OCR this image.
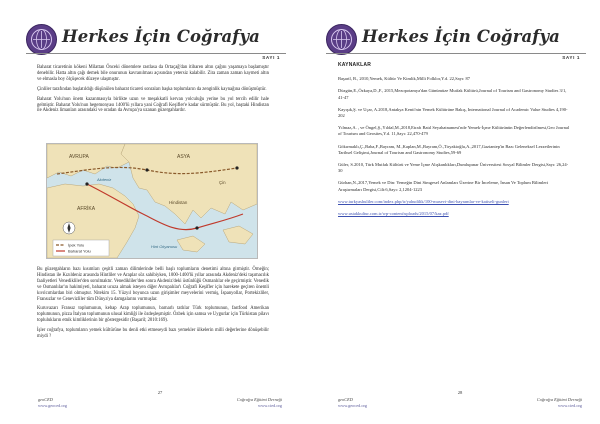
Herkes İçin Coğrafya
SAYI 1

Baharat ticaretinin kökeni Milattan Önceki dönemlere rastlasa da Ortaçağ'dan itibaren altın çağını yaşamaya başlamıştır denebilir. Hatta altın çağı demek bile onurunun kavranılması açısından yetersiz kalabilir. Zira zaman zaman kaymeti altın ve elmasla boy ölçüşecek düzeye ulaşmıştır.

Çinliler tarafından başlatıldığı düşünülen baharat ticareti sonraları başka toplumların da zenginlik kaynağına dönüşmüştür.

Baharat Yolu'nun önem kazanmasıyla birlikte uzun ve meşakkatli kervan yolculuğu yerine bu yol tercih edilir hale gelmiştir. Baharat Yolu'nun hegemonyası 1400'lü yıllara yani Coğrafi Keşifler'e kadar sürmüştür. Bu yol, baştaki Hindistan ile Akdeniz limanları arasındaki ve oradan da Avrupa'ya uzanan güzergahlardır.

AVRUPA	ASYA
AFRİKA
Akdeniz
Hint Okyanusu
Çin
Hindistan
İpek Yolu
Baharat Yolu

Bu güzergahların bazı kısımları çeşitli zaman dilimlerinde belli başlı toplumların denetimi altına girmiştir. Örneğin; Hindistan ile Kızıldeniz arasında Hintliler ve Araplar söz sahibiyken, 1000-1400'lü yıllar arasında Akdeniz'deki taşımacılık faaliyetleri Venedikliler'den sorulmaktır. Venedikliler'den sonra Akdeniz'deki üstünlüğü Osmanlılar ele geçirmiştir. Venedik ve Osmanlılar'ın hakimiyeti, baharat ucuza almak isteyen diğer Avrupalılar'ı Coğrafi Keşifler için harekete geçiren önemli kıvılcımlardan biri olmuştur. Nitekim 15. Yüzyıl boyunca uzun girişimler meyvelerini vermiş, İspanyollar, Portekizliler, Fransızlar ve Cenevizliler tüm Dünya'ya damgalarını vurmuşlar.

Kuruvazarı Fransız toplumunun, kebap Arap toplumunun, barnarlı tatlılar Türk toplumunun, fastfood Amerikan toplumunun, pizza İtalyan toplumunun ulusal kimliği ile özdeşleşmiştir. Özbek için samsa ve Uygurlar için Türkistan pilavı toplulukların etnik kimliklerinin bir göstergesidir (Başaril; 2010:169).

İşler coğrafya, toplumların yemek kültürüne bu denli etki etmeseydi bazı yemekler ülkelerin milli değerlerine dönüşebilir miydi ?

27
geoCED
www.geoced.org
Coğrafya Eğitimi Derneği
www.cied.org
Herkes İçin Coğrafya
SAYI 1
KAYNAKLAR
Başaril, B., 2010,Yemek, Kültür Ve Kimlik,Milli Folklor,Y.d. 22,Sayı: 87
Düzgün,E.,Özkaya,D.,F., 2015,Mezopotamya'dan Günümüze Mutfak Kültürü,Journal of Tourism and Gastronomy Studies 3/1, 41-47
Kayışık,Ş. ve Uçar, A.2018,Antakya Kenti'nin Yemek Kültürüne Bakış, International Journal of Academic Value Studies 4,190-202
Yılmaz,A. , ve Öngel,Ş.,Yıldal,M.,2018,Etrafı Batıl Seyahatnamesi'nde Yemek-İçme Kültürünün Değerlendirilmesi,Geo Journal of Tourism and Geosites,Y.d. 11,Sayı: 22,470-479
Gökırmaklı,Ç.,Baba,F.,Bayram, M.,Kaplan,M.,Bayram,Ö.,Tiryakioğlu,A.,2017,Gaziantep'in Bazı Geleneksel Lezzetlerinin Tarihsel Gelişimi,Journal of Tourism and Gastronomy Studies,59-69
Güler, S.2010, Türk Mutfak Kültürü ve Yeme İçme Alışkanlıkları,Dumlupınar Üniversitesi Sosyal Bilimler Dergisi,Sayı: 26,24-30
Gürhan,N.,2017,Yemek ve Din: Yemeğin Dini Simgesel Anlamları Üzerine Bir İnceleme, İnsan Ve Toplum Bilimleri Araştırmaları Dergisi,Cilt:6,Sayı: 2,1204-1223
www.turkyashuliler.com/index.php/tr/yahudilik/100-musevi-dini-bayramlar-ve-katiseli-gunleri
www.ustakkultur.com.tr/wp-content/uploads/2015/07/kaz.pdf
28
geoCED
www.geoced.org
Coğrafya Eğitimi Derneği
www.cied.org
